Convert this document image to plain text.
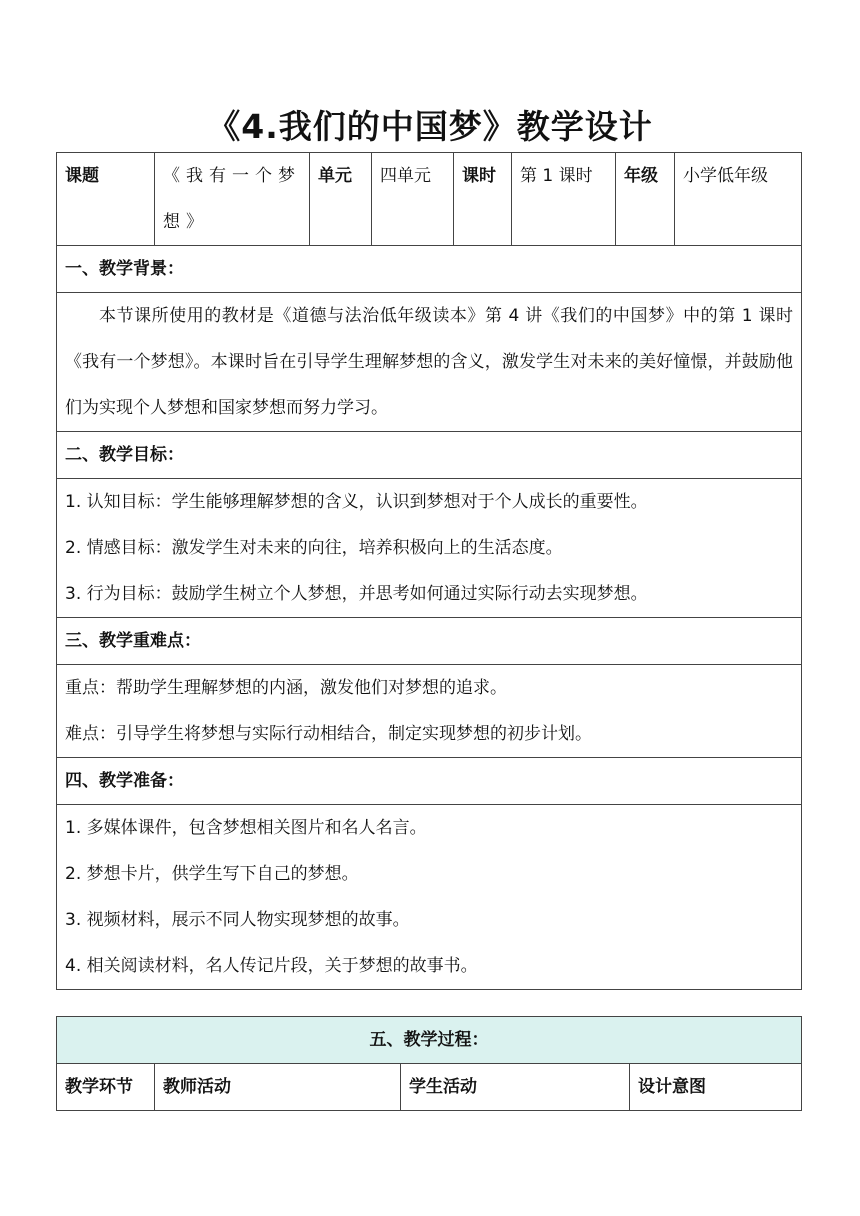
《4.我们的中国梦》教学设计
课题	《我有一个梦想》	单元	四单元	课时	第 1 课时	年级	小学低年级
一、教学背景：
本节课所使用的教材是《道德与法治低年级读本》第 4 讲《我们的中国梦》中的第 1 课时《我有一个梦想》。本课时旨在引导学生理解梦想的含义，激发学生对未来的美好憧憬，并鼓励他们为实现个人梦想和国家梦想而努力学习。
二、教学目标：

1. 认知目标：学生能够理解梦想的含义，认识到梦想对于个人成长的重要性。
2. 情感目标：激发学生对未来的向往，培养积极向上的生活态度。
3. 行为目标：鼓励学生树立个人梦想，并思考如何通过实际行动去实现梦想。

三、教学重难点：

重点：帮助学生理解梦想的内涵，激发他们对梦想的追求。
难点：引导学生将梦想与实际行动相结合，制定实现梦想的初步计划。

四、教学准备：

1. 多媒体课件，包含梦想相关图片和名人名言。
2. 梦想卡片，供学生写下自己的梦想。
3. 视频材料，展示不同人物实现梦想的故事。
4. 相关阅读材料，名人传记片段，关于梦想的故事书。
五、教学过程：
教学环节	教师活动	学生活动	设计意图
